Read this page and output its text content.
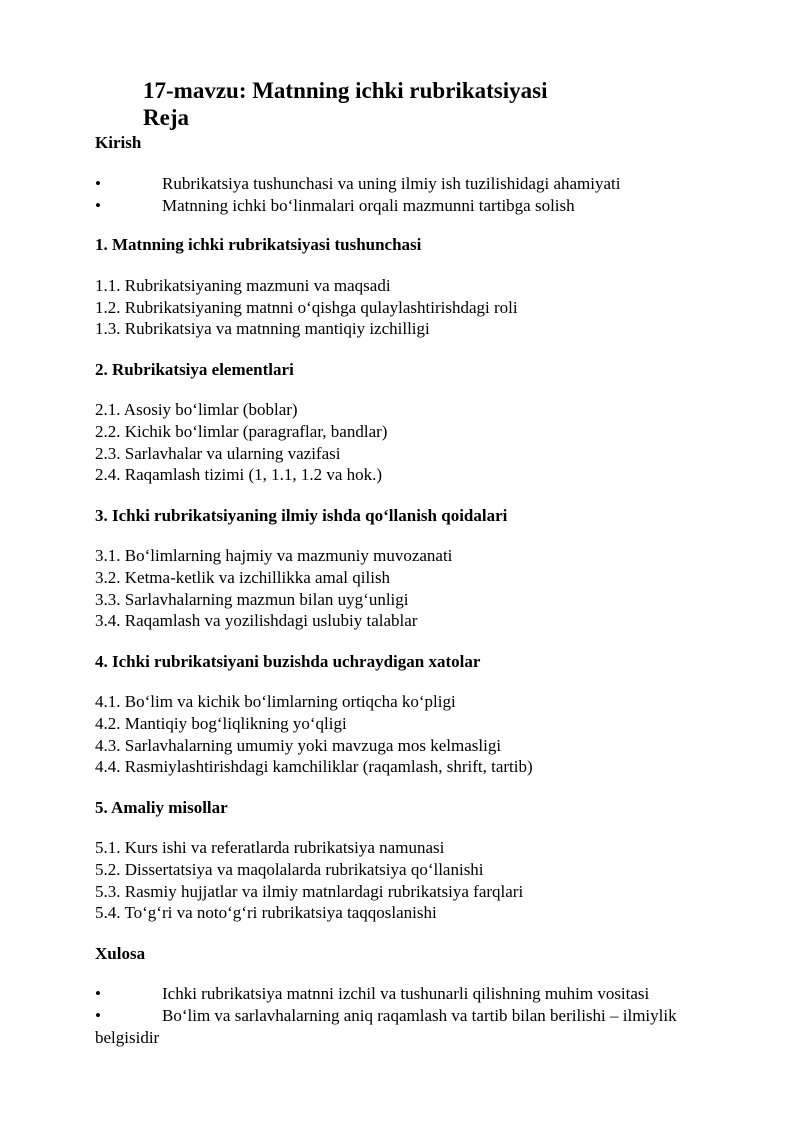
17-mavzu: Matnning ichki rubrikatsiyasi
Reja
Kirish
•	Rubrikatsiya tushunchasi va uning ilmiy ish tuzilishidagi ahamiyati
•	Matnning ichki bo‘linmalari orqali mazmunni tartibga solish
1. Matnning ichki rubrikatsiyasi tushunchasi
1.1. Rubrikatsiyaning mazmuni va maqsadi
1.2. Rubrikatsiyaning matnni o‘qishga qulaylashtirishdagi roli
1.3. Rubrikatsiya va matnning mantiqiy izchilligi
2. Rubrikatsiya elementlari
2.1. Asosiy bo‘limlar (boblar)
2.2. Kichik bo‘limlar (paragraflar, bandlar)
2.3. Sarlavhalar va ularning vazifasi
2.4. Raqamlash tizimi (1, 1.1, 1.2 va hok.)
3. Ichki rubrikatsiyaning ilmiy ishda qo‘llanish qoidalari
3.1. Bo‘limlarning hajmiy va mazmuniy muvozanati
3.2. Ketma-ketlik va izchillikka amal qilish
3.3. Sarlavhalarning mazmun bilan uyg‘unligi
3.4. Raqamlash va yozilishdagi uslubiy talablar
4. Ichki rubrikatsiyani buzishda uchraydigan xatolar
4.1. Bo‘lim va kichik bo‘limlarning ortiqcha ko‘pligi
4.2. Mantiqiy bog‘liqlikning yo‘qligi
4.3. Sarlavhalarning umumiy yoki mavzuga mos kelmasligi
4.4. Rasmiylashtirishdagi kamchiliklar (raqamlash, shrift, tartib)
5. Amaliy misollar
5.1. Kurs ishi va referatlarda rubrikatsiya namunasi
5.2. Dissertatsiya va maqolalarda rubrikatsiya qo‘llanishi
5.3. Rasmiy hujjatlar va ilmiy matnlardagi rubrikatsiya farqlari
5.4. To‘g‘ri va noto‘g‘ri rubrikatsiya taqqoslanishi
Xulosa
•	Ichki rubrikatsiya matnni izchil va tushunarli qilishning muhim vositasi
•	Bo‘lim va sarlavhalarning aniq raqamlash va tartib bilan berilishi – ilmiylik belgisidir
